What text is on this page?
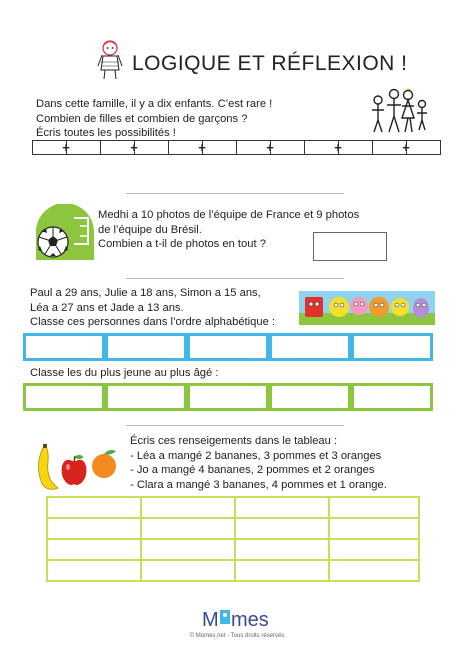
LOGIQUE ET RÉFLEXION !
Dans cette famille, il y a dix enfants. C’est rare !
Combien de filles et combien de garçons ?
Écris toutes les possibilités !
+	+	+	+	+	+
Medhi a 10 photos de l’équipe de France et 9 photos
de l’équipe du Brésil.
Combien a t-il de photos en tout ?
Paul a 29 ans, Julie a 18 ans, Simon a 15 ans,
Léa a 27 ans et Jade a 13 ans.
Classe ces personnes dans l’ordre alphabétique :
Classe les du plus jeune au plus âgé :
Écris ces renseigements dans le tableau :
- Léa a mangé 2 bananes, 3 pommes et 3 oranges
- Jo a mangé 4 bananes, 2 pommes et 2 oranges
- Clara a mangé 3 bananes, 4 pommes et 1 orange.
M mes
© Momes.net - Tous droits réservés
